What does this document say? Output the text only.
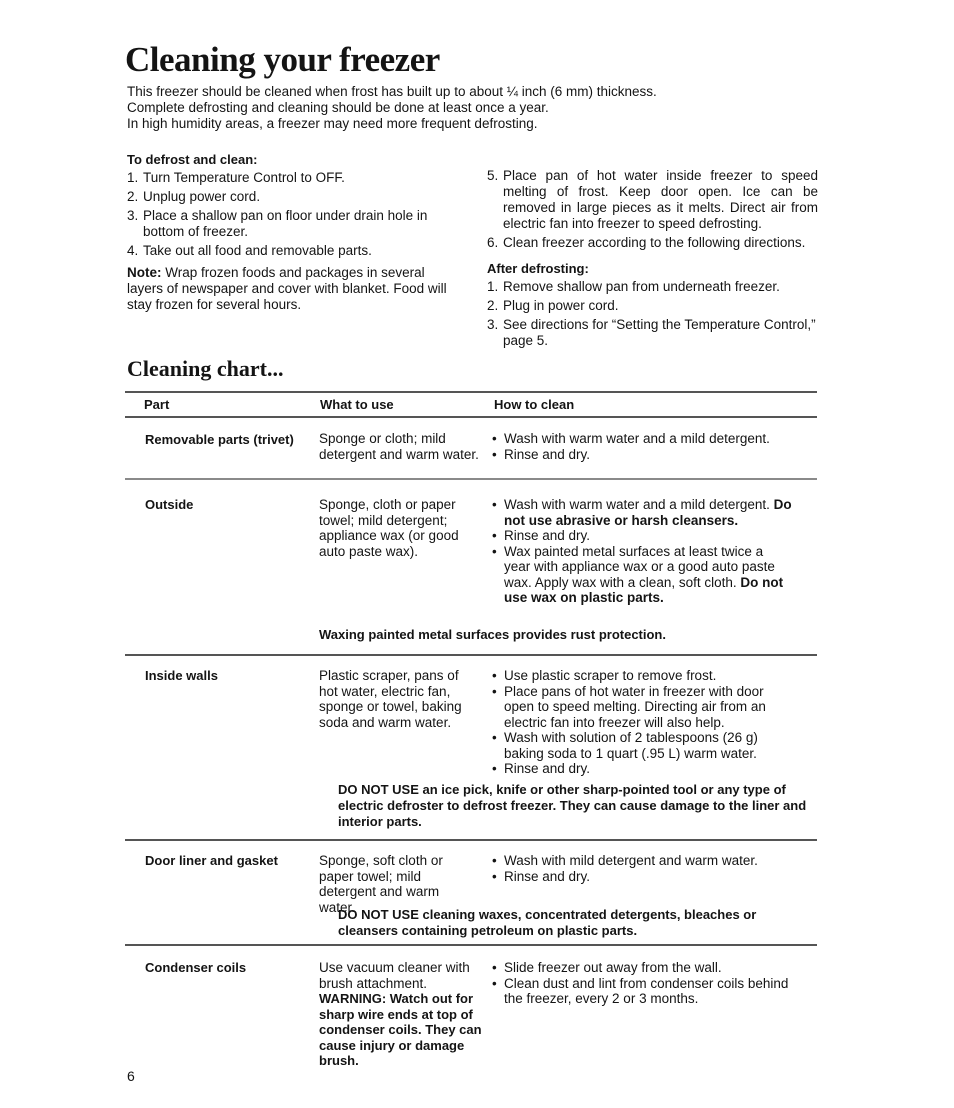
Cleaning your freezer

This freezer should be cleaned when frost has built up to about ¼ inch (6 mm) thickness.

Complete defrosting and cleaning should be done at least once a year.

In high humidity areas, a freezer may need more frequent defrosting.

To defrost and clean:
1. Turn Temperature Control to OFF.
2. Unplug power cord.
3. Place a shallow pan on floor under drain hole in bottom of freezer.
4. Take out all food and removable parts.
Note: Wrap frozen foods and packages in several layers of newspaper and cover with blanket. Food will stay frozen for several hours.
5. Place pan of hot water inside freezer to speed melting of frost. Keep door open. Ice can be removed in large pieces as it melts. Direct air from electric fan into freezer to speed defrosting.
6. Clean freezer according to the following directions.
After defrosting:
1. Remove shallow pan from underneath freezer.
2. Plug in power cord.
3. See directions for “Setting the Temperature Control,” page 5.
Cleaning chart...
Part	What to use	How to clean
Removable parts (trivet)	Sponge or cloth; mild detergent and warm water.
• Wash with warm water and a mild detergent.
• Rinse and dry.
Outside	Sponge, cloth or paper towel; mild detergent; appliance wax (or good auto paste wax).
• Wash with warm water and a mild detergent. Do not use abrasive or harsh cleansers.
• Rinse and dry.
• Wax painted metal surfaces at least twice a year with appliance wax or a good auto paste wax. Apply wax with a clean, soft cloth. Do not use wax on plastic parts.
Waxing painted metal surfaces provides rust protection.
Inside walls	Plastic scraper, pans of hot water, electric fan, sponge or towel, baking soda and warm water.
• Use plastic scraper to remove frost.
• Place pans of hot water in freezer with door open to speed melting. Directing air from an electric fan into freezer will also help.
• Wash with solution of 2 tablespoons (26 g) baking soda to 1 quart (.95 L) warm water.
• Rinse and dry.
DO NOT USE an ice pick, knife or other sharp-pointed tool or any type of electric defroster to defrost freezer. They can cause damage to the liner and interior parts.
Door liner and gasket	Sponge, soft cloth or paper towel; mild detergent and warm water.
• Wash with mild detergent and warm water.
• Rinse and dry.
DO NOT USE cleaning waxes, concentrated detergents, bleaches or cleansers containing petroleum on plastic parts.
Condenser coils	Use vacuum cleaner with brush attachment. WARNING: Watch out for sharp wire ends at top of condenser coils. They can cause injury or damage brush.
• Slide freezer out away from the wall.
• Clean dust and lint from condenser coils behind the freezer, every 2 or 3 months.
6
